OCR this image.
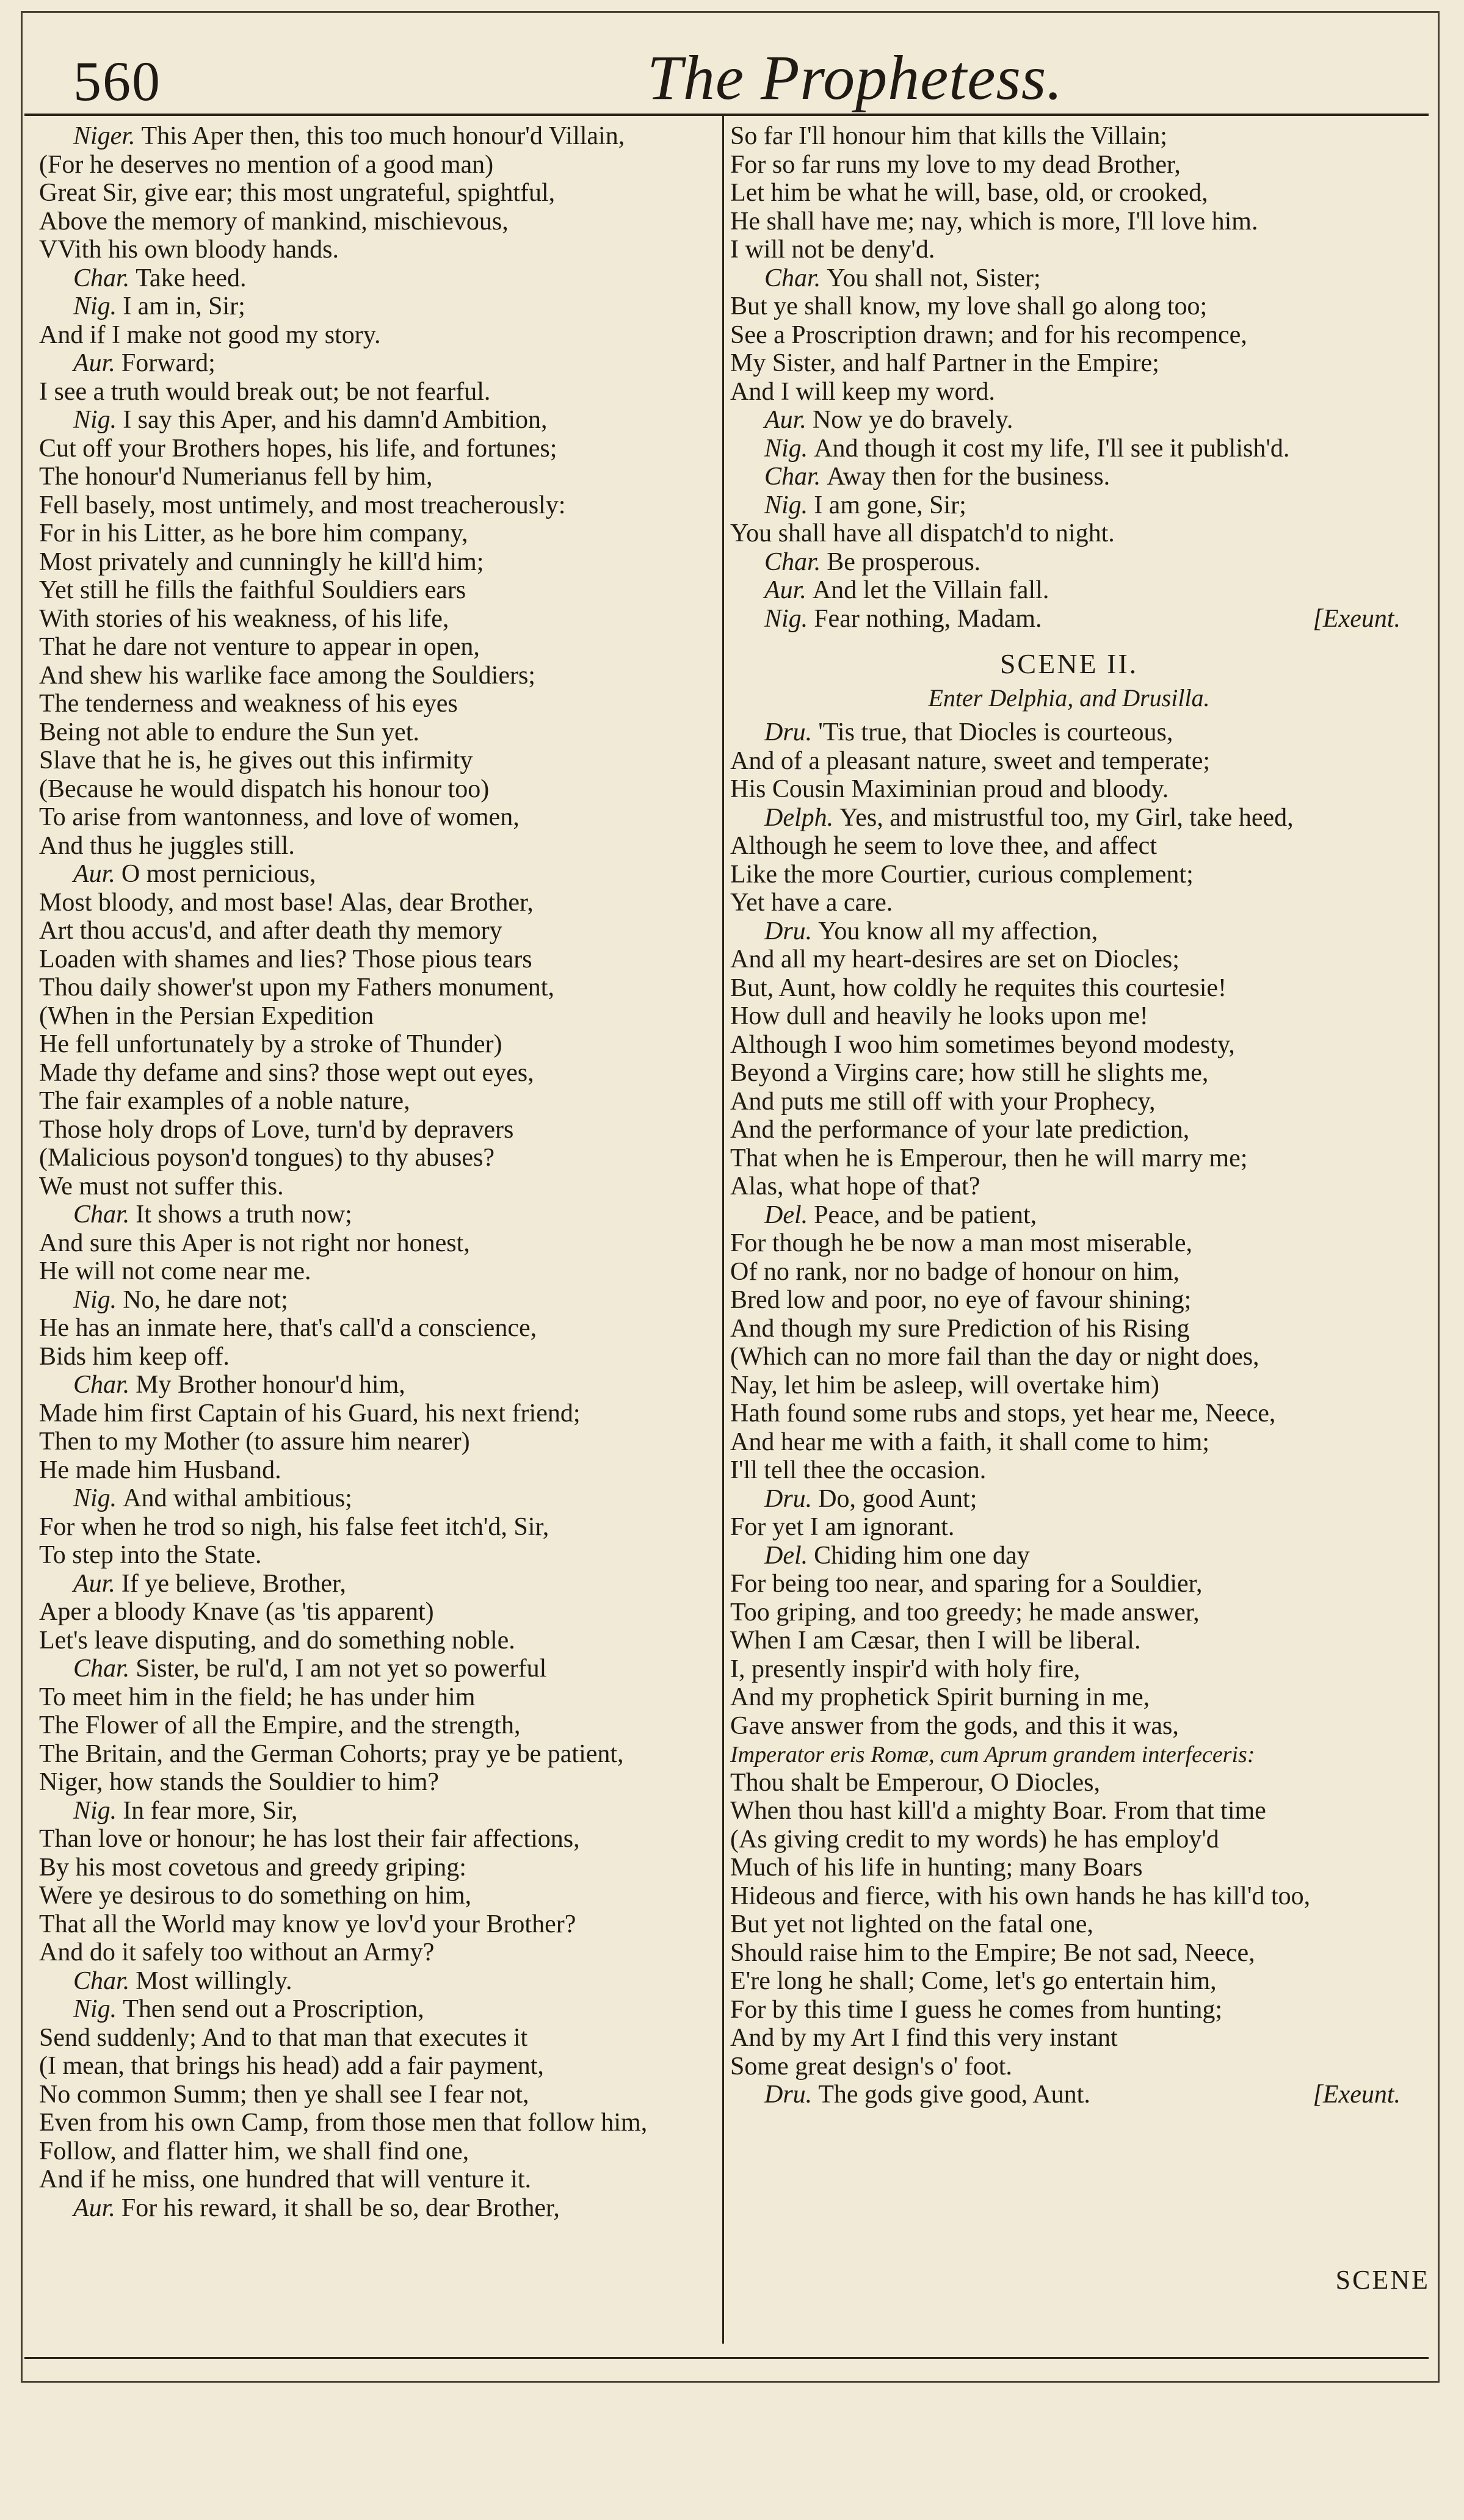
560	The Prophetess.
Niger. This Aper then, this too much honour'd Villain,
(For he deserves no mention of a good man)
Great Sir, give ear; this most ungrateful, spightful,
Above the memory of mankind, mischievous,
VVith his own bloody hands.
Char. Take heed.
Nig. I am in, Sir;
And if I make not good my story.
Aur. Forward;
I see a truth would break out; be not fearful.
Nig. I say this Aper, and his damn'd Ambition,
Cut off your Brothers hopes, his life, and fortunes;
The honour'd Numerianus fell by him,
Fell basely, most untimely, and most treacherously:
For in his Litter, as he bore him company,
Most privately and cunningly he kill'd him;
Yet still he fills the faithful Souldiers ears
With stories of his weakness, of his life,
That he dare not venture to appear in open,
And shew his warlike face among the Souldiers;
The tenderness and weakness of his eyes
Being not able to endure the Sun yet.
Slave that he is, he gives out this infirmity
(Because he would dispatch his honour too)
To arise from wantonness, and love of women,
And thus he juggles still.
Aur. O most pernicious,
Most bloody, and most base! Alas, dear Brother,
Art thou accus'd, and after death thy memory
Loaden with shames and lies? Those pious tears
Thou daily shower'st upon my Fathers monument,
(When in the Persian Expedition
He fell unfortunately by a stroke of Thunder)
Made thy defame and sins? those wept out eyes,
The fair examples of a noble nature,
Those holy drops of Love, turn'd by depravers
(Malicious poyson'd tongues) to thy abuses?
We must not suffer this.
Char. It shows a truth now;
And sure this Aper is not right nor honest,
He will not come near me.
Nig. No, he dare not;
He has an inmate here, that's call'd a conscience,
Bids him keep off.
Char. My Brother honour'd him,
Made him first Captain of his Guard, his next friend;
Then to my Mother (to assure him nearer)
He made him Husband.
Nig. And withal ambitious;
For when he trod so nigh, his false feet itch'd, Sir,
To step into the State.
Aur. If ye believe, Brother,
Aper a bloody Knave (as 'tis apparent)
Let's leave disputing, and do something noble.
Char. Sister, be rul'd, I am not yet so powerful
To meet him in the field; he has under him
The Flower of all the Empire, and the strength,
The Britain, and the German Cohorts; pray ye be patient,
Niger, how stands the Souldier to him?
Nig. In fear more, Sir,
Than love or honour; he has lost their fair affections,
By his most covetous and greedy griping:
Were ye desirous to do something on him,
That all the World may know ye lov'd your Brother?
And do it safely too without an Army?
Char. Most willingly.
Nig. Then send out a Proscription,
Send suddenly; And to that man that executes it
(I mean, that brings his head) add a fair payment,
No common Summ; then ye shall see I fear not,
Even from his own Camp, from those men that follow him,
Follow, and flatter him, we shall find one,
And if he miss, one hundred that will venture it.
Aur. For his reward, it shall be so, dear Brother,
So far I'll honour him that kills the Villain;
For so far runs my love to my dead Brother,
Let him be what he will, base, old, or crooked,
He shall have me; nay, which is more, I'll love him.
I will not be deny'd.
Char. You shall not, Sister;
But ye shall know, my love shall go along too;
See a Proscription drawn; and for his recompence,
My Sister, and half Partner in the Empire;
And I will keep my word.
Aur. Now ye do bravely.
Nig. And though it cost my life, I'll see it publish'd.
Char. Away then for the business.
Nig. I am gone, Sir;
You shall have all dispatch'd to night.
Char. Be prosperous.
Aur. And let the Villain fall.
Nig. Fear nothing, Madam.	[Exeunt.
SCENE II.
Enter Delphia, and Drusilla.
Dru. 'Tis true, that Diocles is courteous,
And of a pleasant nature, sweet and temperate;
His Cousin Maximinian proud and bloody.
Delph. Yes, and mistrustful too, my Girl, take heed,
Although he seem to love thee, and affect
Like the more Courtier, curious complement;
Yet have a care.
Dru. You know all my affection,
And all my heart-desires are set on Diocles;
But, Aunt, how coldly he requites this courtesie!
How dull and heavily he looks upon me!
Although I woo him sometimes beyond modesty,
Beyond a Virgins care; how still he slights me,
And puts me still off with your Prophecy,
And the performance of your late prediction,
That when he is Emperour, then he will marry me;
Alas, what hope of that?
Del. Peace, and be patient,
For though he be now a man most miserable,
Of no rank, nor no badge of honour on him,
Bred low and poor, no eye of favour shining;
And though my sure Prediction of his Rising
(Which can no more fail than the day or night does,
Nay, let him be asleep, will overtake him)
Hath found some rubs and stops, yet hear me, Neece,
And hear me with a faith, it shall come to him;
I'll tell thee the occasion.
Dru. Do, good Aunt;
For yet I am ignorant.
Del. Chiding him one day
For being too near, and sparing for a Souldier,
Too griping, and too greedy; he made answer,
When I am Cæsar, then I will be liberal.
I, presently inspir'd with holy fire,
And my prophetick Spirit burning in me,
Gave answer from the gods, and this it was,
Imperator eris Romæ, cum Aprum grandem interfeceris:
Thou shalt be Emperour, O Diocles,
When thou hast kill'd a mighty Boar. From that time
(As giving credit to my words) he has employ'd
Much of his life in hunting; many Boars
Hideous and fierce, with his own hands he has kill'd too,
But yet not lighted on the fatal one,
Should raise him to the Empire; Be not sad, Neece,
E're long he shall; Come, let's go entertain him,
For by this time I guess he comes from hunting;
And by my Art I find this very instant
Some great design's o' foot.
Dru. The gods give good, Aunt.	[Exeunt.
SCENE
